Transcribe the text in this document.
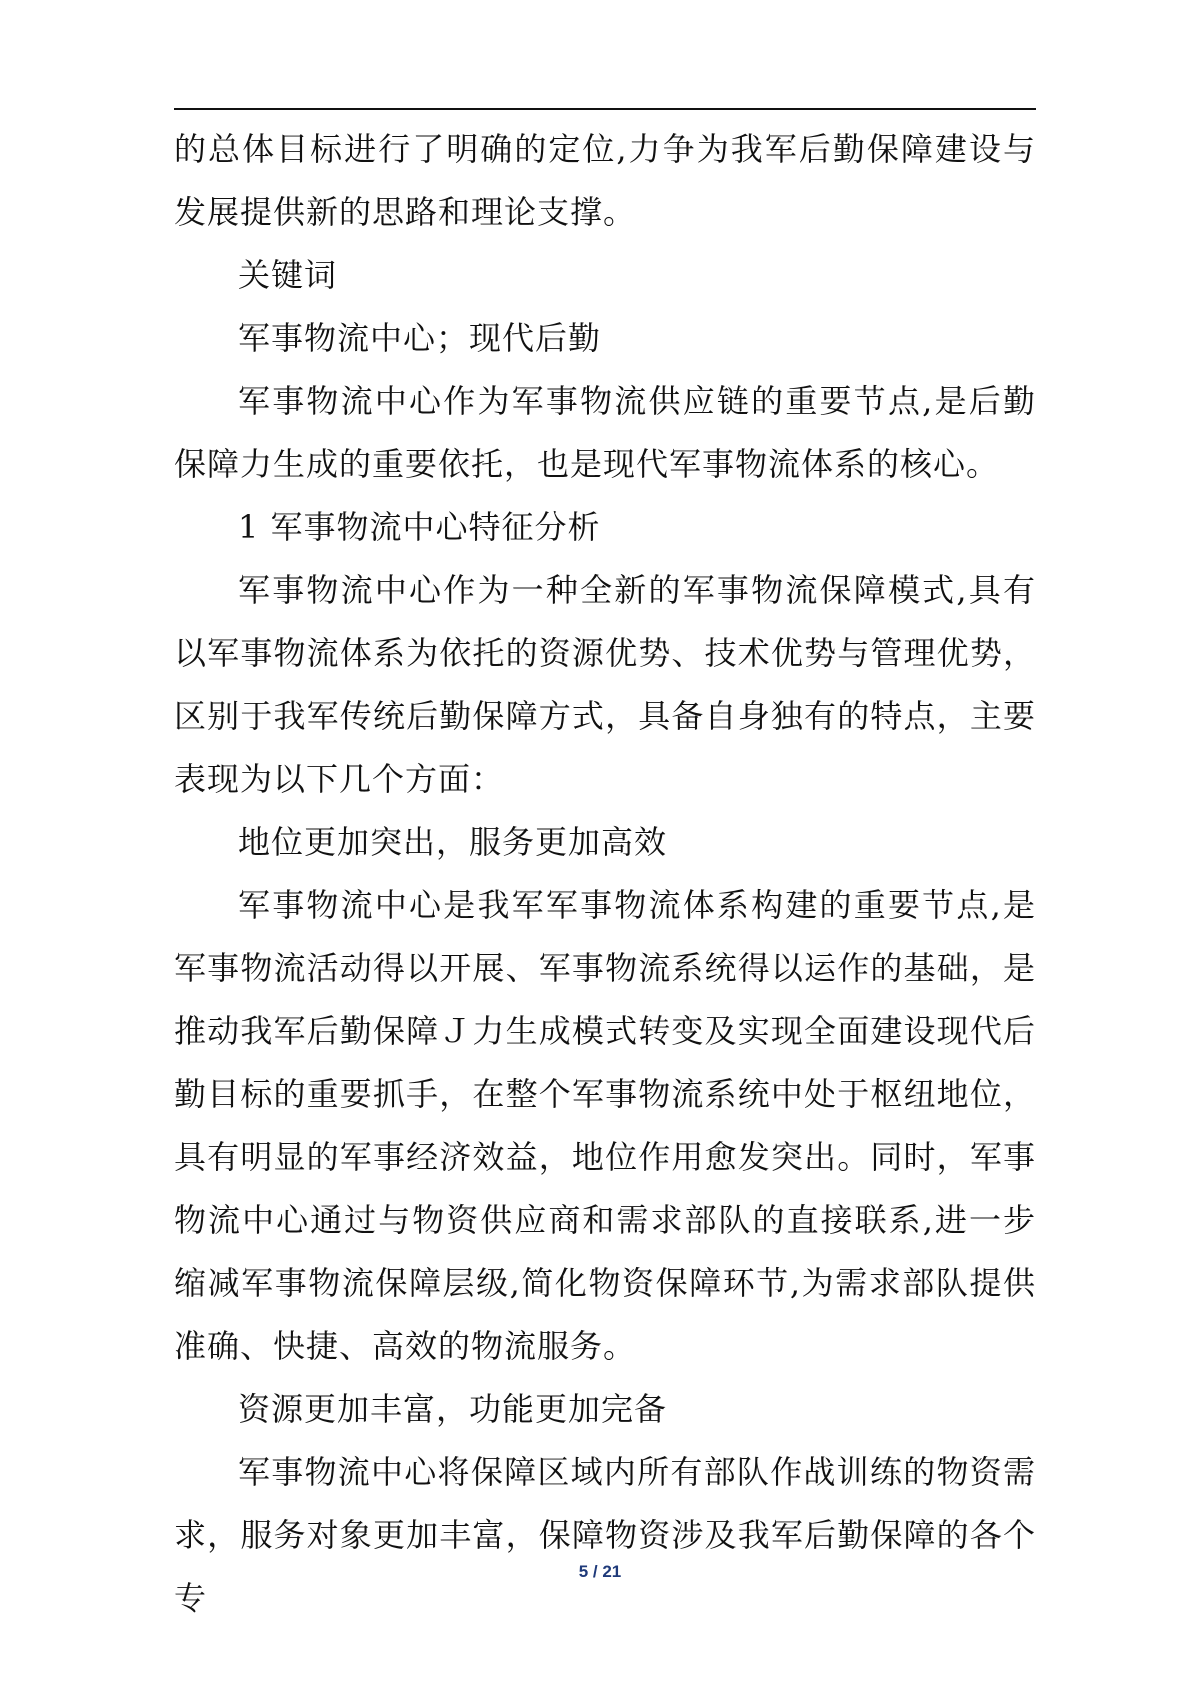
的总体目标进行了明确的定位,力争为我军后勤保障建设与发展提供新的思路和理论支撑。

关键词

军事物流中心；现代后勤

军事物流中心作为军事物流供应链的重要节点,是后勤保障力生成的重要依托，也是现代军事物流体系的核心。

1 军事物流中心特征分析

军事物流中心作为一种全新的军事物流保障模式,具有以军事物流体系为依托的资源优势、技术优势与管理优势，区别于我军传统后勤保障方式，具备自身独有的特点，主要表现为以下几个方面：

地位更加突出，服务更加高效

军事物流中心是我军军事物流体系构建的重要节点,是军事物流活动得以开展、军事物流系统得以运作的基础，是推动我军后勤保障Ｊ力生成模式转变及实现全面建设现代后勤目标的重要抓手，在整个军事物流系统中处于枢纽地位，具有明显的军事经济效益，地位作用愈发突出。同时，军事物流中心通过与物资供应商和需求部队的直接联系,进一步缩减军事物流保障层级,简化物资保障环节,为需求部队提供准确、快捷、高效的物流服务。

资源更加丰富，功能更加完备

军事物流中心将保障区域内所有部队作战训练的物资需求，服务对象更加丰富，保障物资涉及我军后勤保障的各个专

5 / 21
